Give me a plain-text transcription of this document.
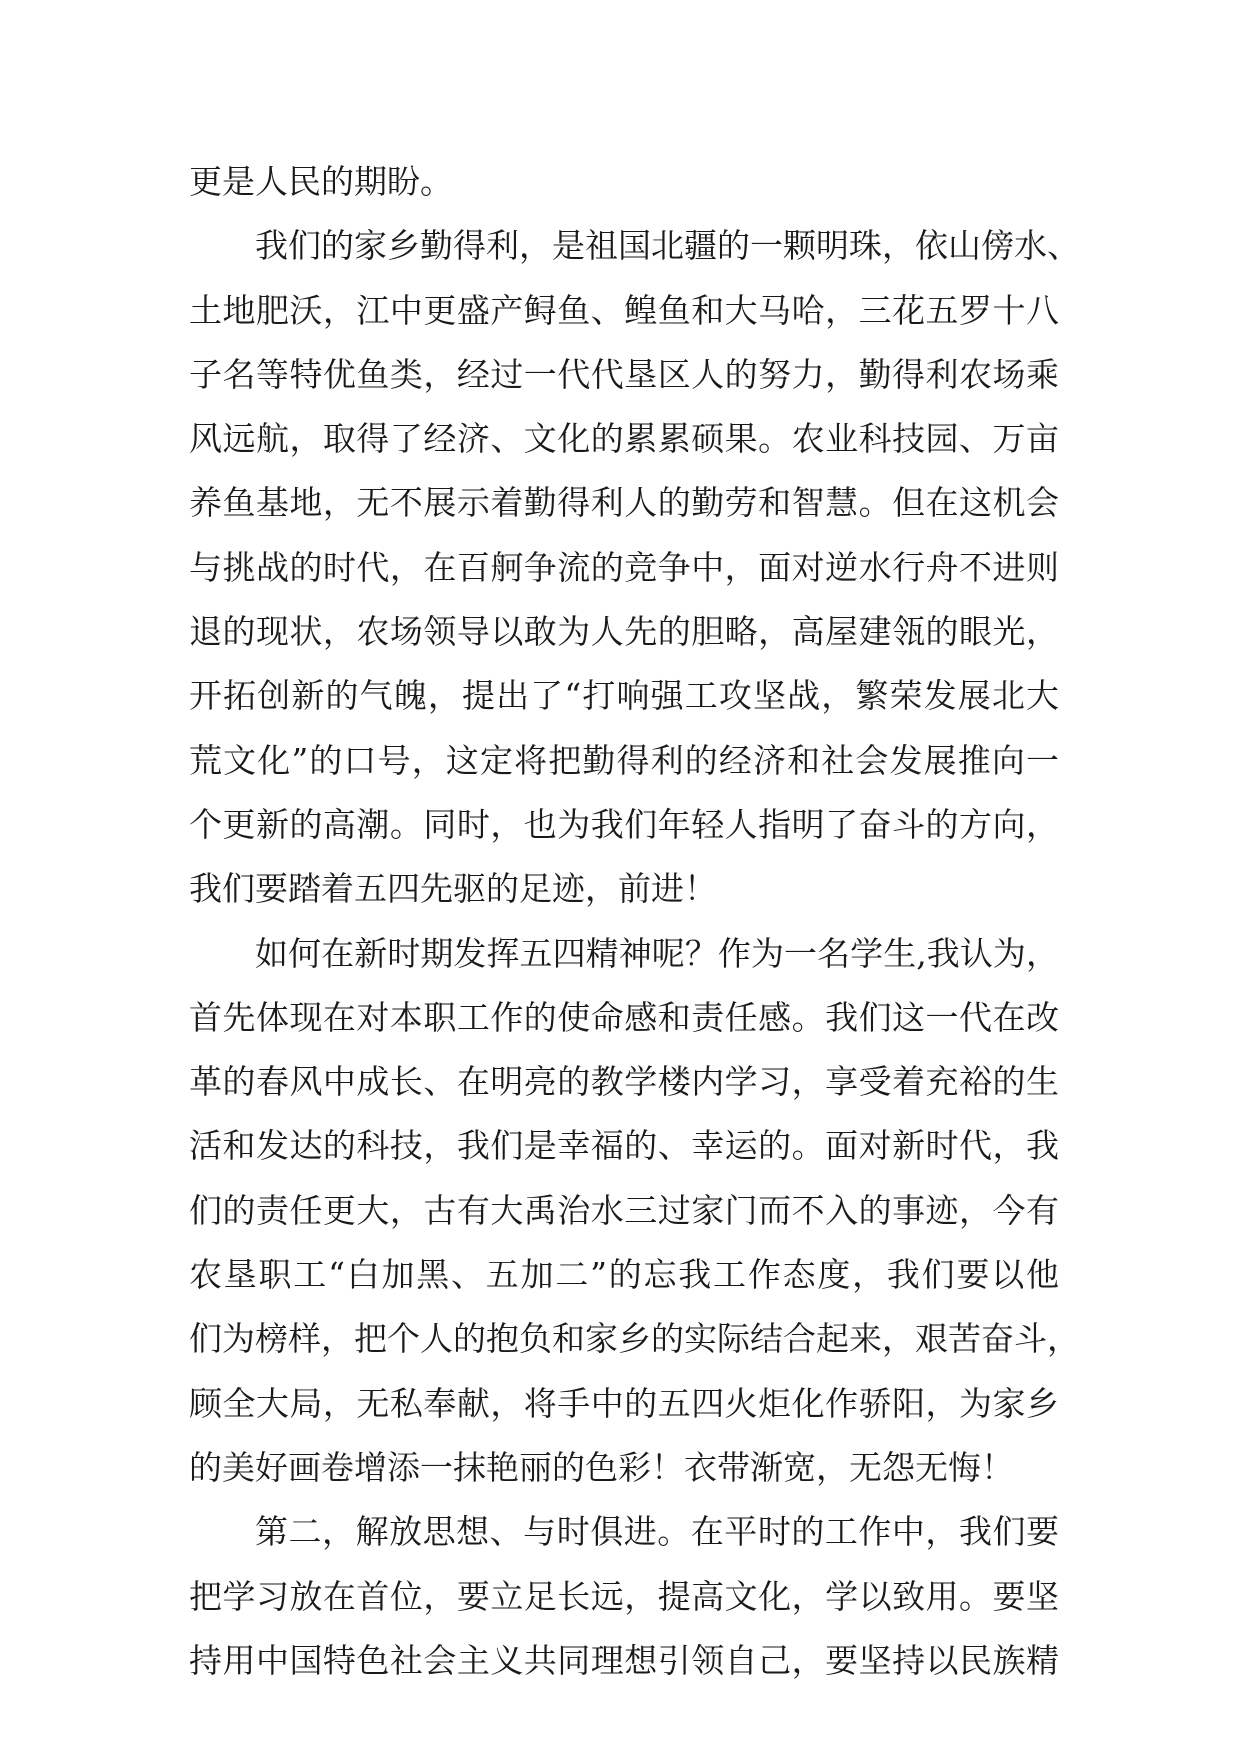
更是人民的期盼。
我们的家乡勤得利，是祖国北疆的一颗明珠，依山傍水、
土地肥沃，江中更盛产鲟鱼、鳇鱼和大马哈，三花五罗十八
子名等特优鱼类，经过一代代垦区人的努力，勤得利农场乘
风远航，取得了经济、文化的累累硕果。农业科技园、万亩
养鱼基地，无不展示着勤得利人的勤劳和智慧。但在这机会
与挑战的时代，在百舸争流的竞争中，面对逆水行舟不进则
退的现状，农场领导以敢为人先的胆略，高屋建瓴的眼光，
开拓创新的气魄，提出了“打响强工攻坚战，繁荣发展北大
荒文化”的口号，这定将把勤得利的经济和社会发展推向一
个更新的高潮。同时，也为我们年轻人指明了奋斗的方向，
我们要踏着五四先驱的足迹，前进！
如何在新时期发挥五四精神呢？作为一名学生,我认为，
首先体现在对本职工作的使命感和责任感。我们这一代在改
革的春风中成长、在明亮的教学楼内学习，享受着充裕的生
活和发达的科技，我们是幸福的、幸运的。面对新时代，我
们的责任更大，古有大禹治水三过家门而不入的事迹，今有
农垦职工“白加黑、五加二”的忘我工作态度，我们要以他
们为榜样，把个人的抱负和家乡的实际结合起来，艰苦奋斗，
顾全大局，无私奉献，将手中的五四火炬化作骄阳，为家乡
的美好画卷增添一抹艳丽的色彩！衣带渐宽，无怨无悔！
第二，解放思想、与时俱进。在平时的工作中，我们要
把学习放在首位，要立足长远，提高文化，学以致用。要坚
持用中国特色社会主义共同理想引领自己，要坚持以民族精
